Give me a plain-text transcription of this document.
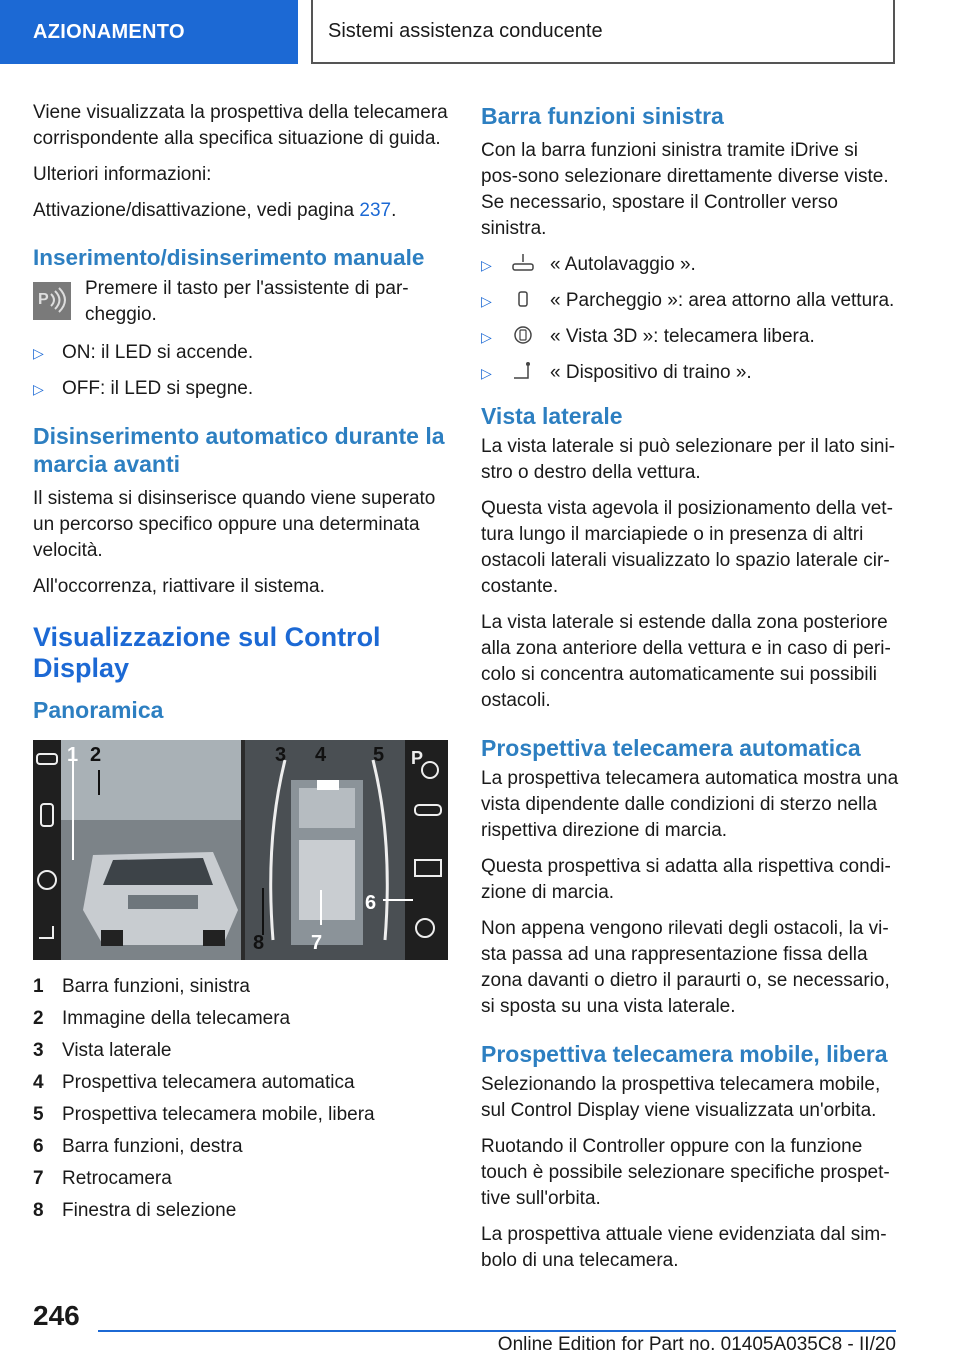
AZIONAMENTO	Sistemi assistenza conducente

Viene visualizzata la prospettiva della telecamera corrispondente alla specifica situazione di guida.

Ulteriori informazioni:

Attivazione/disattivazione, vedi pagina 237.

Inserimento/disinserimento manuale
P
Premere il tasto per l'assistente di par-cheggio.
▷ ON: il LED si accende.
▷ OFF: il LED si spegne.
Disinserimento automatico durante la marcia avanti

Il sistema si disinserisce quando viene superato un percorso specifico oppure una determinata velocità.

All'occorrenza, riattivare il sistema.

Visualizzazione sul Control Display
Panoramica
P
1 2	3 4 5
6
7
8
1 Barra funzioni, sinistra
2 Immagine della telecamera
3 Vista laterale
4 Prospettiva telecamera automatica
5 Prospettiva telecamera mobile, libera
6 Barra funzioni, destra
7 Retrocamera
8 Finestra di selezione
Barra funzioni sinistra

Con la barra funzioni sinistra tramite iDrive si pos-sono selezionare direttamente diverse viste. Se necessario, spostare il Controller verso sinistra.

▷	« Autolavaggio ».
▷	« Parcheggio »: area attorno alla vettura.
▷	« Vista 3D »: telecamera libera.
▷	« Dispositivo di traino ».
Vista laterale

La vista laterale si può selezionare per il lato sini-stro o destro della vettura.

Questa vista agevola il posizionamento della vet-tura lungo il marciapiede o in presenza di altri ostacoli laterali visualizzato lo spazio laterale cir-costante.

La vista laterale si estende dalla zona posteriore alla zona anteriore della vettura e in caso di peri-colo si concentra automaticamente sui possibili ostacoli.

Prospettiva telecamera automatica

La prospettiva telecamera automatica mostra una vista dipendente dalle condizioni di sterzo nella rispettiva direzione di marcia.

Questa prospettiva si adatta alla rispettiva condi-zione di marcia.

Non appena vengono rilevati degli ostacoli, la vi-sta passa ad una rappresentazione fissa della zona davanti o dietro il paraurti o, se necessario, si sposta su una vista laterale.

Prospettiva telecamera mobile, libera

Selezionando la prospettiva telecamera mobile, sul Control Display viene visualizzata un'orbita.

Ruotando il Controller oppure con la funzione touch è possibile selezionare specifiche prospet-tive sull'orbita.

La prospettiva attuale viene evidenziata dal sim-bolo di una telecamera.

246
Online Edition for Part no. 01405A035C8 - II/20
